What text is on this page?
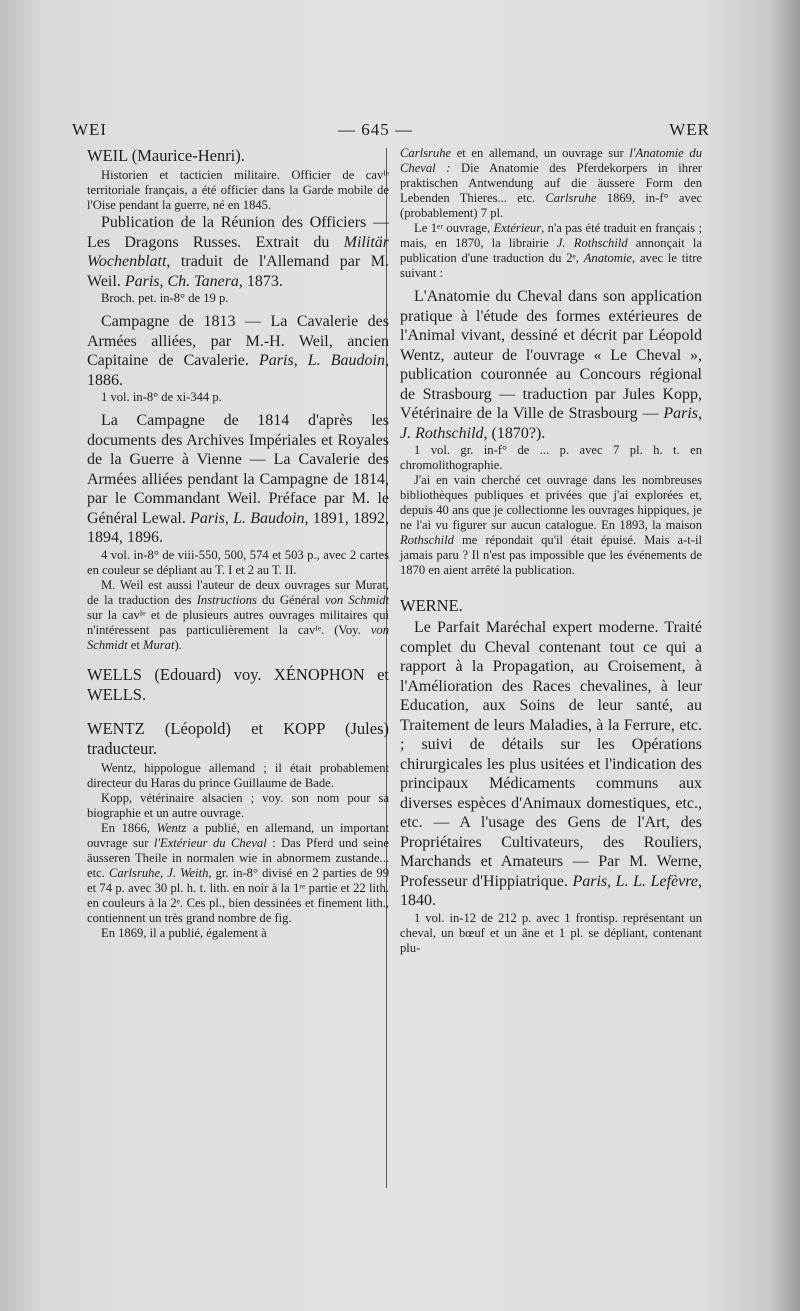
WEI	— 645 —	WER
WEIL (Maurice-Henri).

Historien et tacticien militaire. Officier de cavᴵᵉ territoriale français, a été officier dans la Garde mobile de l'Oise pendant la guerre, né en 1845.

Publication de la Réunion des Officiers — Les Dragons Russes. Extrait du Militär Wochenblatt, traduit de l'Allemand par M. Weil. Paris, Ch. Tanera, 1873.

Broch. pet. in-8° de 19 p.

Campagne de 1813 — La Cavalerie des Armées alliées, par M.-H. Weil, ancien Capitaine de Cavalerie. Paris, L. Baudoin, 1886.

1 vol. in-8° de xi-344 p.

La Campagne de 1814 d'après les documents des Archives Impériales et Royales de la Guerre à Vienne — La Cavalerie des Armées alliées pendant la Campagne de 1814, par le Commandant Weil. Préface par M. le Général Lewal. Paris, L. Baudoin, 1891, 1892, 1894, 1896.

4 vol. in-8° de viii-550, 500, 574 et 503 p., avec 2 cartes en couleur se dépliant au T. I et 2 au T. II.

M. Weil est aussi l'auteur de deux ouvrages sur Murat, de la traduction des Instructions du Général von Schmidt sur la cavᴵᵉ et de plusieurs autres ouvrages militaires qui n'intéressent pas particulièrement la cavᴵᵉ. (Voy. von Schmidt et Murat).

WELLS (Edouard) voy. XÉNOPHON et WELLS.
WENTZ (Léopold) et KOPP (Jules) traducteur.

Wentz, hippologue allemand ; il était probablement directeur du Haras du prince Guillaume de Bade.

Kopp, vétérinaire alsacien ; voy. son nom pour sa biographie et un autre ouvrage.

En 1866, Wentz a publié, en allemand, un important ouvrage sur l'Extérieur du Cheval : Das Pferd und seine äusseren Theile in normalen wie in abnormem zustande... etc. Carlsruhe, J. Weith, gr. in-8° divisé en 2 parties de 99 et 74 p. avec 30 pl. h. t. lith. en noir à la 1ʳᵉ partie et 22 lith. en couleurs à la 2ᵉ. Ces pl., bien dessinées et finement lith., contiennent un très grand nombre de fig.

En 1869, il a publié, également à

Carlsruhe et en allemand, un ouvrage sur l'Anatomie du Cheval : Die Anatomie des Pferdekorpers in ihrer praktischen Antwendung auf die äussere Form den Lebenden Thieres... etc. Carlsruhe 1869, in-f° avec (probablement) 7 pl.

Le 1ᵉʳ ouvrage, Extérieur, n'a pas été traduit en français ; mais, en 1870, la librairie J. Rothschild annonçait la publication d'une traduction du 2ᵉ, Anatomie, avec le titre suivant :

L'Anatomie du Cheval dans son application pratique à l'étude des formes extérieures de l'Animal vivant, dessiné et décrit par Léopold Wentz, auteur de l'ouvrage « Le Cheval », publication couronnée au Concours régional de Strasbourg — traduction par Jules Kopp, Vétérinaire de la Ville de Strasbourg — Paris, J. Rothschild, (1870?).

1 vol. gr. in-f° de ... p. avec 7 pl. h. t. en chromolithographie.

J'ai en vain cherché cet ouvrage dans les nombreuses bibliothèques publiques et privées que j'ai explorées et, depuis 40 ans que je collectionne les ouvrages hippiques, je ne l'ai vu figurer sur aucun catalogue. En 1893, la maison Rothschild me répondait qu'il était épuisé. Mais a-t-il jamais paru ? Il n'est pas impossible que les événements de 1870 en aient arrêté la publication.

WERNE.

Le Parfait Maréchal expert moderne. Traité complet du Cheval contenant tout ce qui a rapport à la Propagation, au Croisement, à l'Amélioration des Races chevalines, à leur Education, aux Soins de leur santé, au Traitement de leurs Maladies, à la Ferrure, etc. ; suivi de détails sur les Opérations chirurgicales les plus usitées et l'indication des principaux Médicaments communs aux diverses espèces d'Animaux domestiques, etc., etc. — A l'usage des Gens de l'Art, des Propriétaires Cultivateurs, des Rouliers, Marchands et Amateurs — Par M. Werne, Professeur d'Hippiatrique. Paris, L. L. Lefèvre, 1840.

1 vol. in-12 de 212 p. avec 1 frontisp. représentant un cheval, un bœuf et un âne et 1 pl. se dépliant, contenant plu-
